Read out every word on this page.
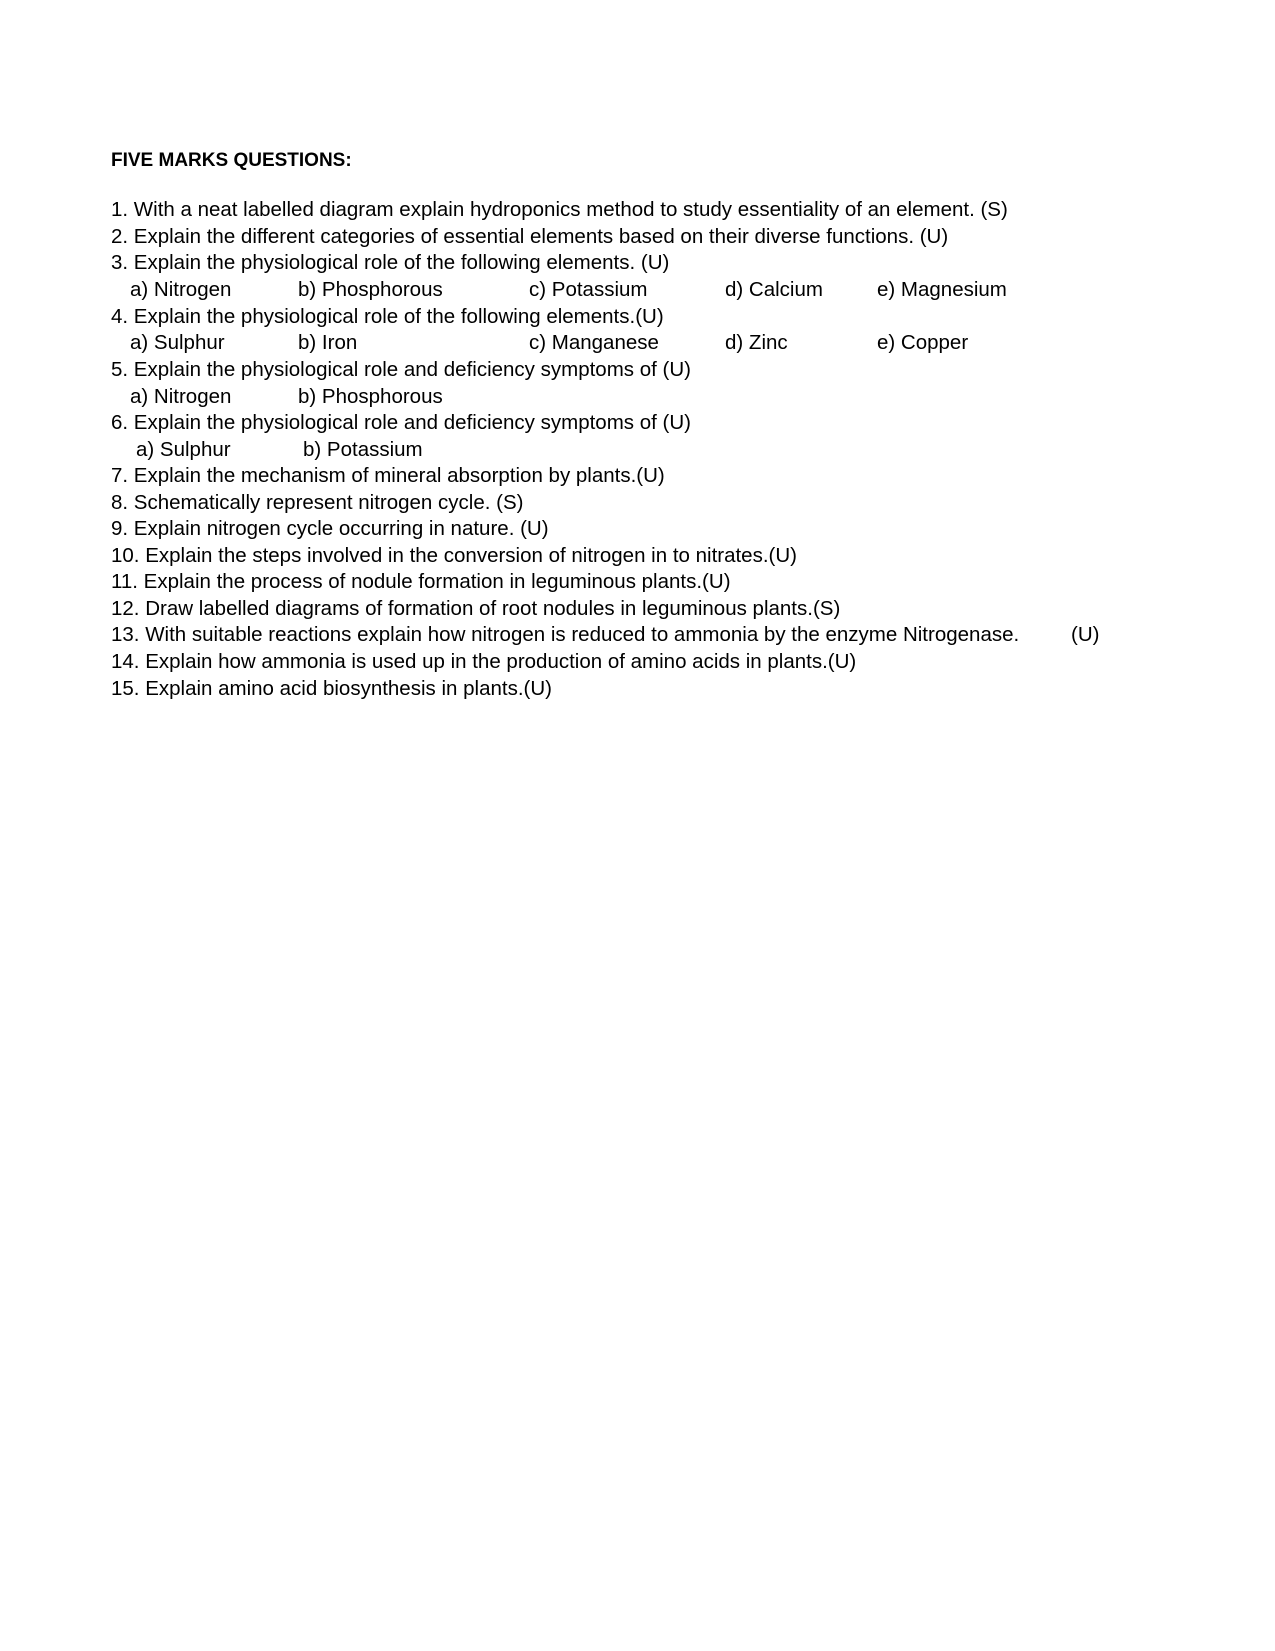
FIVE MARKS QUESTIONS:
1. With a neat labelled diagram explain hydroponics method to study essentiality of an element. (S)
2. Explain the different categories of essential elements based on their diverse functions. (U)
3. Explain the physiological role of the following elements. (U)
a) Nitrogen	b) Phosphorous	c) Potassium	d) Calcium	e) Magnesium
4. Explain the physiological role of the following elements.(U)
a) Sulphur	b) Iron	c) Manganese	d) Zinc	e) Copper
5. Explain the physiological role and deficiency symptoms of (U)
a) Nitrogen	b) Phosphorous
6. Explain the physiological role and deficiency symptoms of (U)
a) Sulphur	b) Potassium
7. Explain the mechanism of mineral absorption by plants.(U)
8. Schematically represent nitrogen cycle. (S)
9. Explain nitrogen cycle occurring in nature. (U)
10. Explain the steps involved in the conversion of nitrogen in to nitrates.(U)
11. Explain the process of nodule formation in leguminous plants.(U)
12. Draw labelled diagrams of formation of root nodules in leguminous plants.(S)
13. With suitable reactions explain how nitrogen is reduced to ammonia by the enzyme Nitrogenase.	(U)
14. Explain how ammonia is used up in the production of amino acids in plants.(U)
15. Explain amino acid biosynthesis in plants.(U)
